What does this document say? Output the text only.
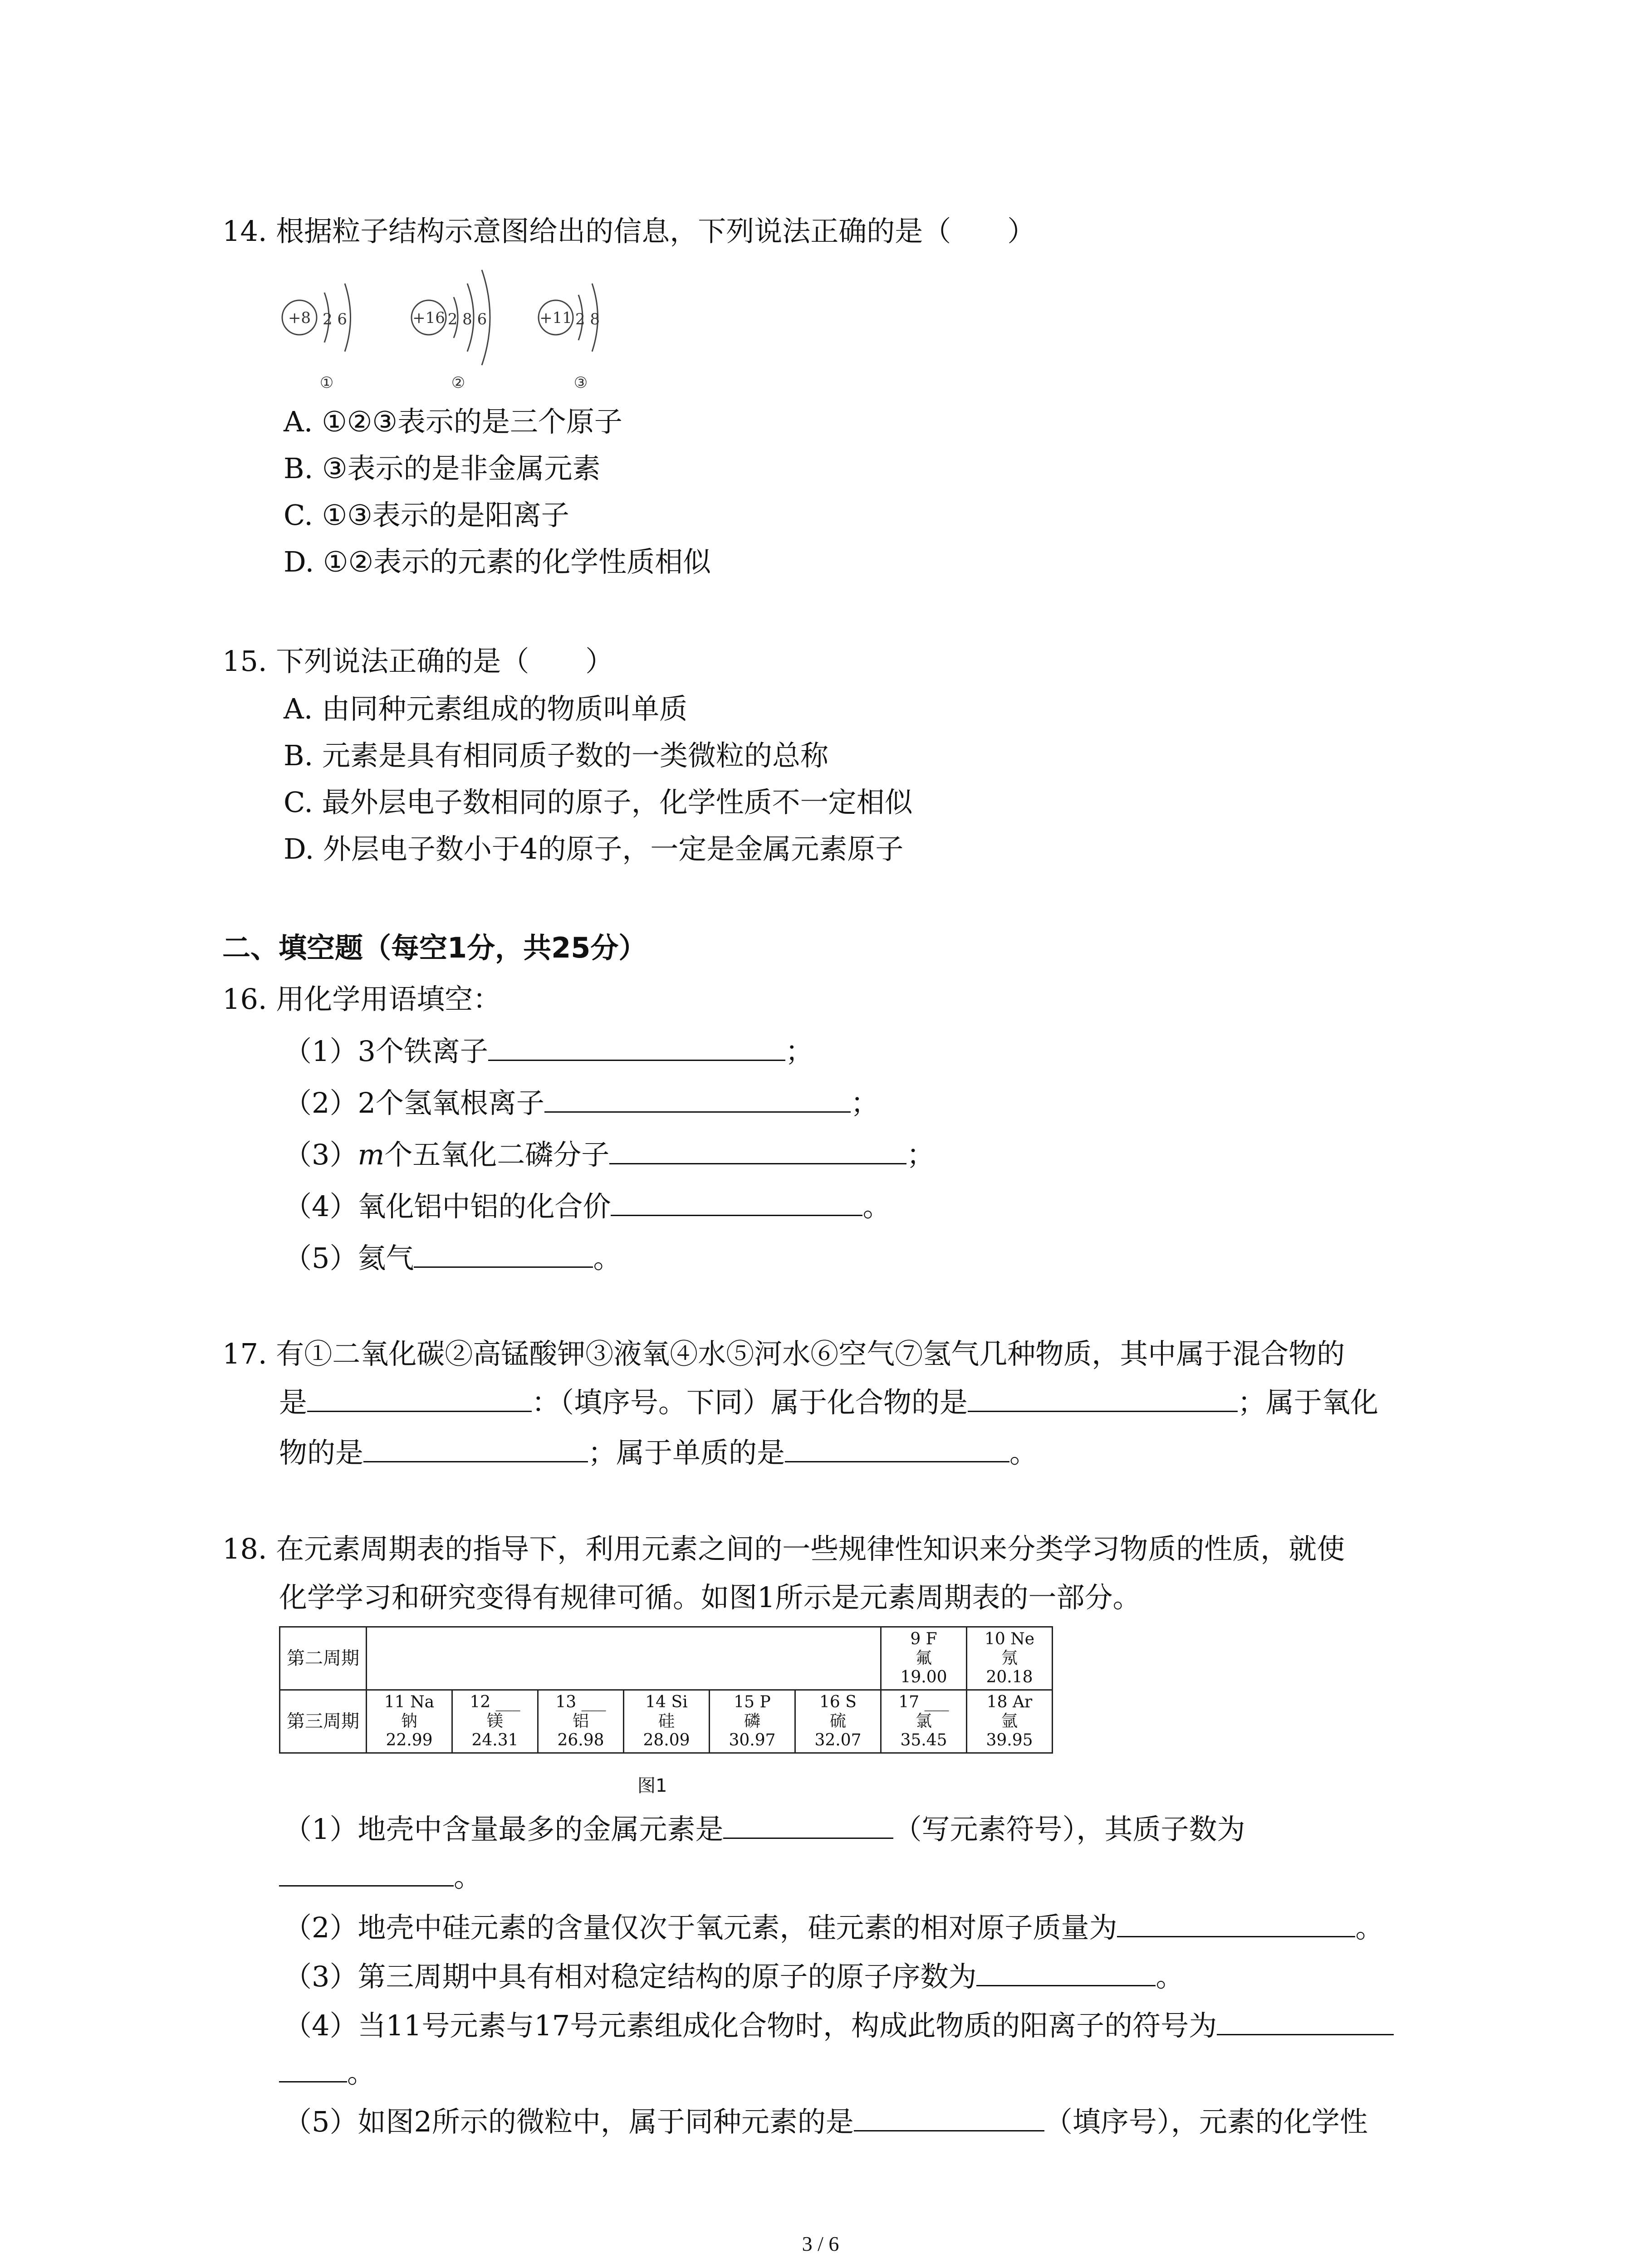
14. 根据粒子结构示意图给出的信息，下列说法正确的是（　　）
+8 2 6
①
+16 2 8 6
②
+11 2 8
③
A. ①②③表示的是三个原子
B. ③表示的是非金属元素
C. ①③表示的是阳离子
D. ①②表示的元素的化学性质相似
15. 下列说法正确的是（　　）
A. 由同种元素组成的物质叫单质
B. 元素是具有相同质子数的一类微粒的总称
C. 最外层电子数相同的原子，化学性质不一定相似
D. 外层电子数小于4的原子，一定是金属元素原子
二、填空题（每空1分，共25分）
16. 用化学用语填空：
（1）3个铁离子	；
（2）2个氢氧根离子	；
（3）m个五氧化二磷分子	；
（4）氧化铝中铝的化合价	。
（5）氦气	。
17. 有①二氧化碳②高锰酸钾③液氧④水⑤河水⑥空气⑦氢气几种物质，其中属于混合物的
是	：（填序号。下同）属于化合物的是	；属于氧化
物的是	；属于单质的是	。
18. 在元素周期表的指导下，利用元素之间的一些规律性知识来分类学习物质的性质，就使
化学学习和研究变得有规律可循。如图1所示是元素周期表的一部分。
第二周期							9 F
氟
19.00	10 Ne
氖
20.18

第三周期	11 Na
钠
22.99	12 ___
镁
24.31	13 ___
铝
26.98	14 Si
硅
28.09	15 P
磷
30.97	16 S
硫
32.07	17 ___
氯
35.45	18 Ar
氩
39.95
图1
（1）地壳中含量最多的金属元素是	（写元素符号），其质子数为
。
（2）地壳中硅元素的含量仅次于氧元素，硅元素的相对原子质量为	。
（3）第三周期中具有相对稳定结构的原子的原子序数为	。
（4）当11号元素与17号元素组成化合物时，构成此物质的阳离子的符号为
。
（5）如图2所示的微粒中，属于同种元素的是	（填序号），元素的化学性
3 / 6
